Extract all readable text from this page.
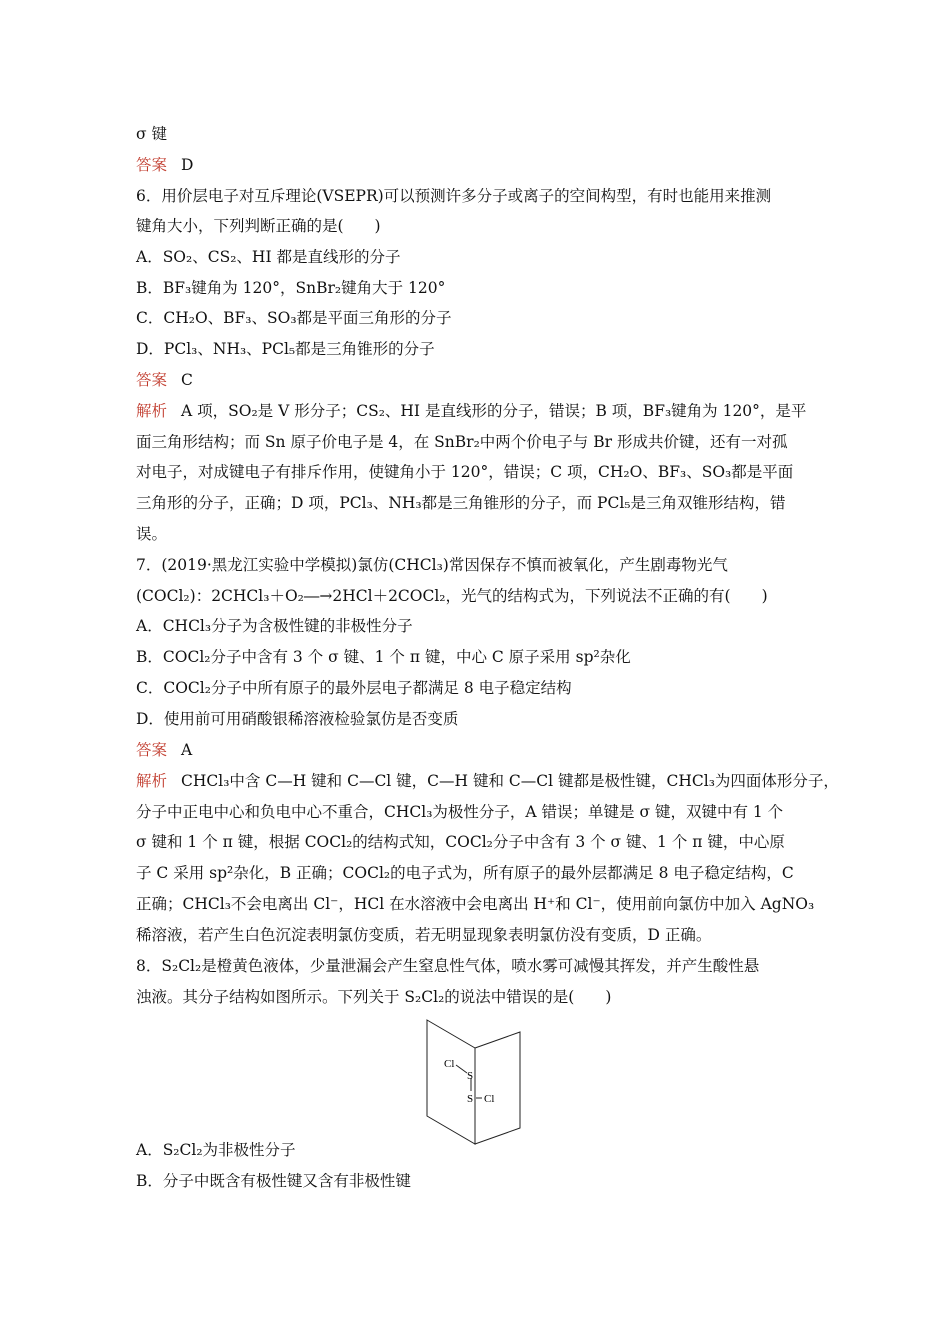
σ 键
答案 D
6．用价层电子对互斥理论(VSEPR)可以预测许多分子或离子的空间构型，有时也能用来推测
键角大小，下列判断正确的是(　　)
A．SO₂、CS₂、HI 都是直线形的分子
B．BF₃键角为 120°，SnBr₂键角大于 120°
C．CH₂O、BF₃、SO₃都是平面三角形的分子
D．PCl₃、NH₃、PCl₅都是三角锥形的分子
答案 C
解析 A 项，SO₂是 V 形分子；CS₂、HI 是直线形的分子，错误；B 项，BF₃键角为 120°，是平
面三角形结构；而 Sn 原子价电子是 4，在 SnBr₂中两个价电子与 Br 形成共价键，还有一对孤
对电子，对成键电子有排斥作用，使键角小于 120°，错误；C 项，CH₂O、BF₃、SO₃都是平面
三角形的分子，正确；D 项，PCl₃、NH₃都是三角锥形的分子，而 PCl₅是三角双锥形结构，错
误。
7．(2019·黑龙江实验中学模拟)氯仿(CHCl₃)常因保存不慎而被氧化，产生剧毒物光气
(COCl₂)：2CHCl₃＋O₂―→2HCl＋2COCl₂，光气的结构式为，下列说法不正确的有(　　)
A．CHCl₃分子为含极性键的非极性分子
B．COCl₂分子中含有 3 个 σ 键、1 个 π 键，中心 C 原子采用 sp²杂化
C．COCl₂分子中所有原子的最外层电子都满足 8 电子稳定结构
D．使用前可用硝酸银稀溶液检验氯仿是否变质
答案 A
解析 CHCl₃中含 C—H 键和 C—Cl 键，C—H 键和 C—Cl 键都是极性键，CHCl₃为四面体形分子，
分子中正电中心和负电中心不重合，CHCl₃为极性分子，A 错误；单键是 σ 键，双键中有 1 个
σ 键和 1 个 π 键，根据 COCl₂的结构式知，COCl₂分子中含有 3 个 σ 键、1 个 π 键，中心原
子 C 采用 sp²杂化，B 正确；COCl₂的电子式为，所有原子的最外层都满足 8 电子稳定结构，C
正确；CHCl₃不会电离出 Cl⁻，HCl 在水溶液中会电离出 H⁺和 Cl⁻，使用前向氯仿中加入 AgNO₃
稀溶液，若产生白色沉淀表明氯仿变质，若无明显现象表明氯仿没有变质，D 正确。
8．S₂Cl₂是橙黄色液体，少量泄漏会产生窒息性气体，喷水雾可减慢其挥发，并产生酸性悬
浊液。其分子结构如图所示。下列关于 S₂Cl₂的说法中错误的是(　　)
Cl
S
S Cl
A．S₂Cl₂为非极性分子
B．分子中既含有极性键又含有非极性键
